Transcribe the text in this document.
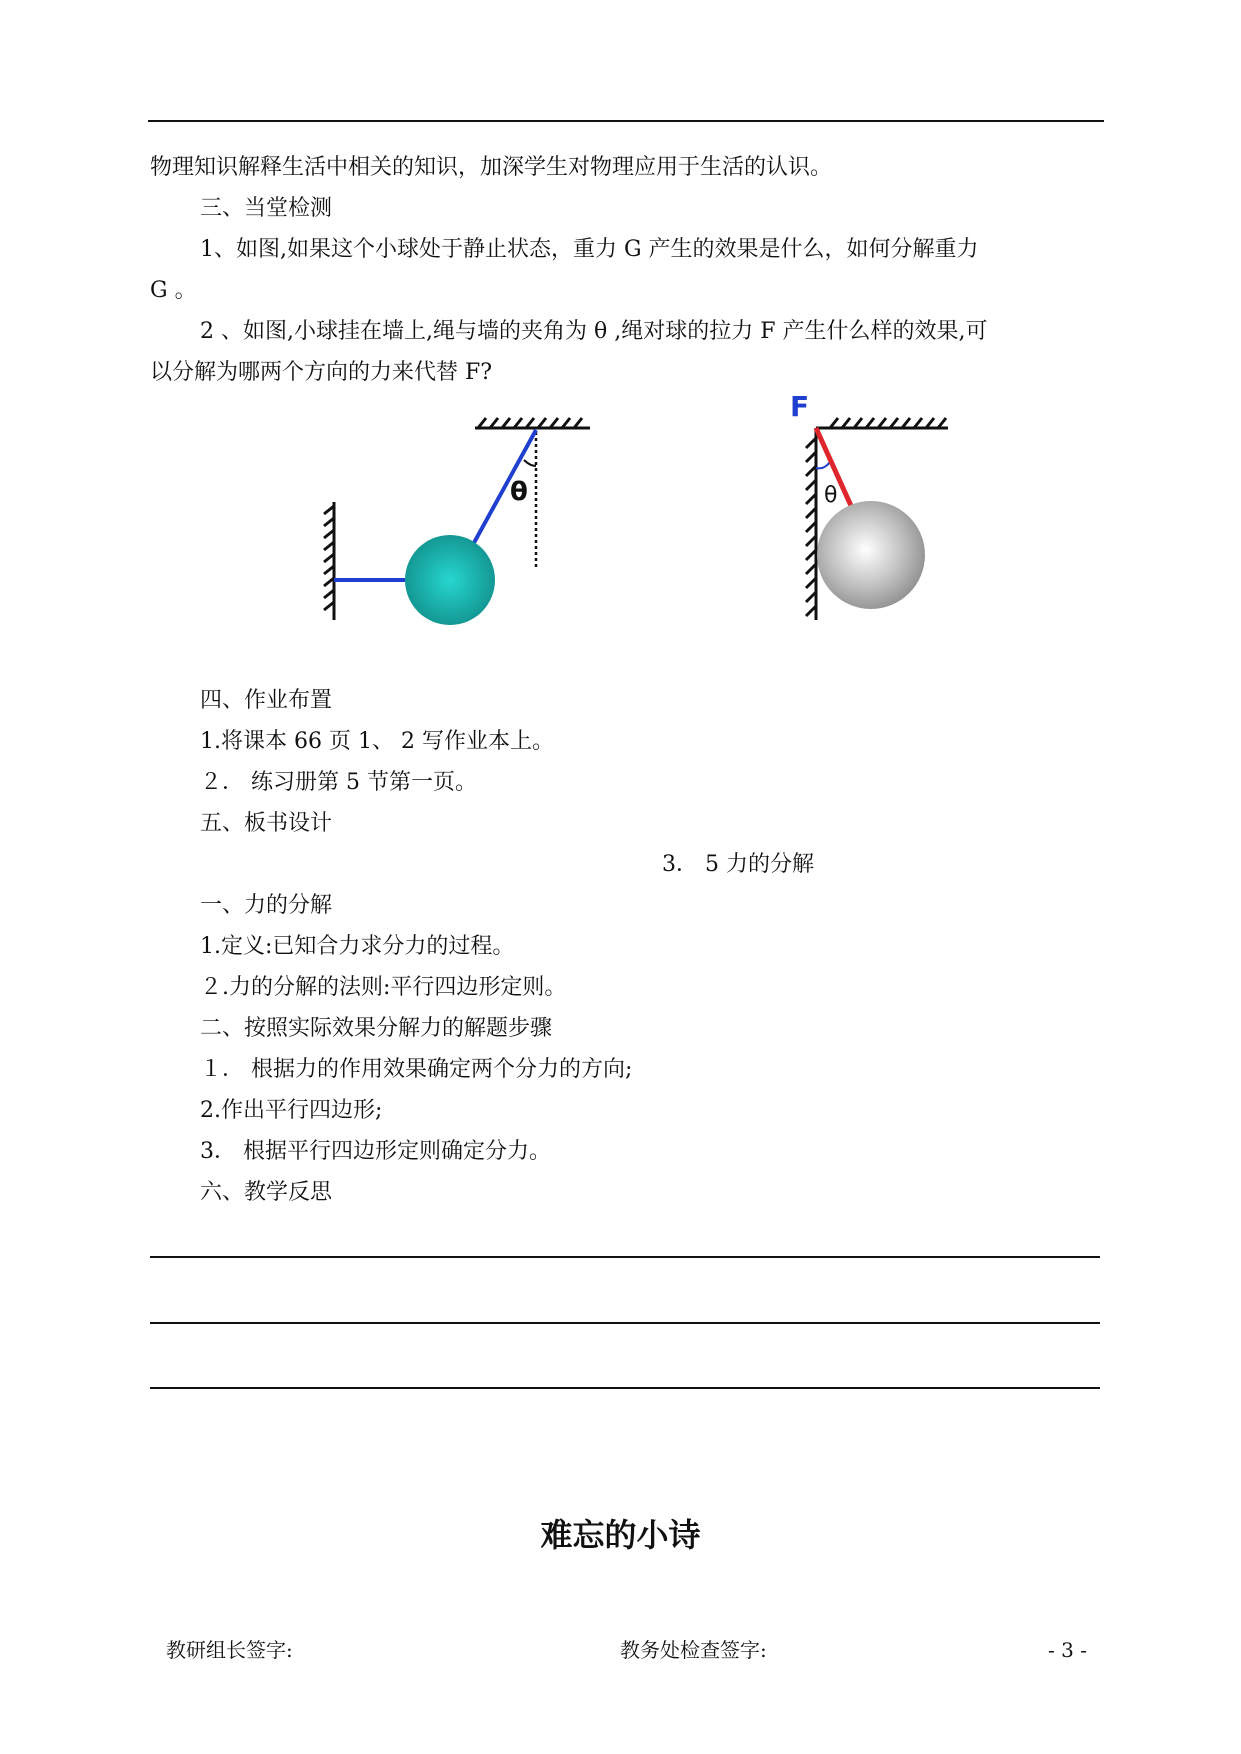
物理知识解释生活中相关的知识，加深学生对物理应用于生活的认识。
三、当堂检测
1、如图,如果这个小球处于静止状态，重力 G 产生的效果是什么，如何分解重力
G 。
2 、如图,小球挂在墙上,绳与墙的夹角为 θ ,绳对球的拉力 F 产生什么样的效果,可
以分解为哪两个方向的力来代替 F?
θ
F
θ
四、作业布置
1.将课本 66 页 1、 2 写作业本上。
２． 练习册第 5 节第一页。
五、板书设计
3． 5 力的分解
一、力的分解
1.定义:已知合力求分力的过程。
２.力的分解的法则:平行四边形定则。
二、按照实际效果分解力的解题步骤
１． 根据力的作用效果确定两个分力的方向;
2.作出平行四边形;
3． 根据平行四边形定则确定分力。
六、教学反思
难忘的小诗
教研组长签字:	教务处检查签字:	- 3 -
